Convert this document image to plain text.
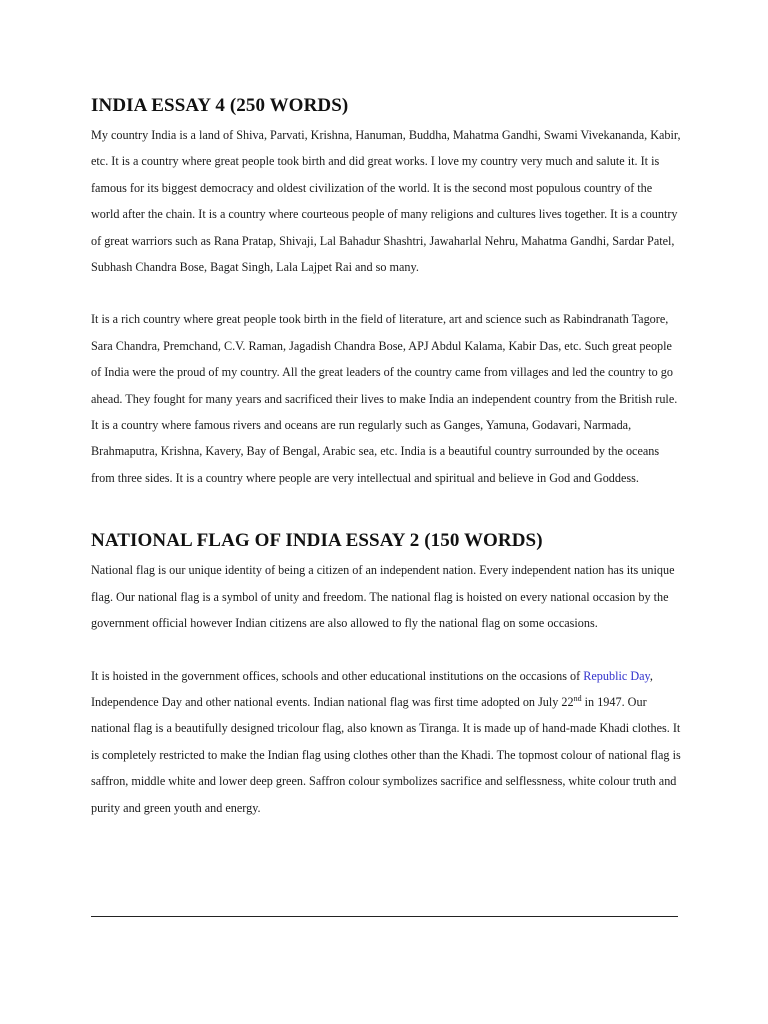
INDIA ESSAY 4 (250 WORDS)

My country India is a land of Shiva, Parvati, Krishna, Hanuman, Buddha, Mahatma Gandhi, Swami Vivekananda, Kabir, etc. It is a country where great people took birth and did great works. I love my country very much and salute it. It is famous for its biggest democracy and oldest civilization of the world. It is the second most populous country of the world after the chain. It is a country where courteous people of many religions and cultures lives together. It is a country of great warriors such as Rana Pratap, Shivaji, Lal Bahadur Shashtri, Jawaharlal Nehru, Mahatma Gandhi, Sardar Patel, Subhash Chandra Bose, Bagat Singh, Lala Lajpet Rai and so many.

It is a rich country where great people took birth in the field of literature, art and science such as Rabindranath Tagore, Sara Chandra, Premchand, C.V. Raman, Jagadish Chandra Bose, APJ Abdul Kalama, Kabir Das, etc. Such great people of India were the proud of my country. All the great leaders of the country came from villages and led the country to go ahead. They fought for many years and sacrificed their lives to make India an independent country from the British rule. It is a country where famous rivers and oceans are run regularly such as Ganges, Yamuna, Godavari, Narmada, Brahmaputra, Krishna, Kavery, Bay of Bengal, Arabic sea, etc. India is a beautiful country surrounded by the oceans from three sides. It is a country where people are very intellectual and spiritual and believe in God and Goddess.

NATIONAL FLAG OF INDIA ESSAY 2 (150 WORDS)

National flag is our unique identity of being a citizen of an independent nation. Every independent nation has its unique flag. Our national flag is a symbol of unity and freedom. The national flag is hoisted on every national occasion by the government official however Indian citizens are also allowed to fly the national flag on some occasions.

It is hoisted in the government offices, schools and other educational institutions on the occasions of Republic Day, Independence Day and other national events. Indian national flag was first time adopted on July 22nd in 1947. Our national flag is a beautifully designed tricolour flag, also known as Tiranga. It is made up of hand-made Khadi clothes. It is completely restricted to make the Indian flag using clothes other than the Khadi. The topmost colour of national flag is saffron, middle white and lower deep green. Saffron colour symbolizes sacrifice and selflessness, white colour truth and purity and green youth and energy.
